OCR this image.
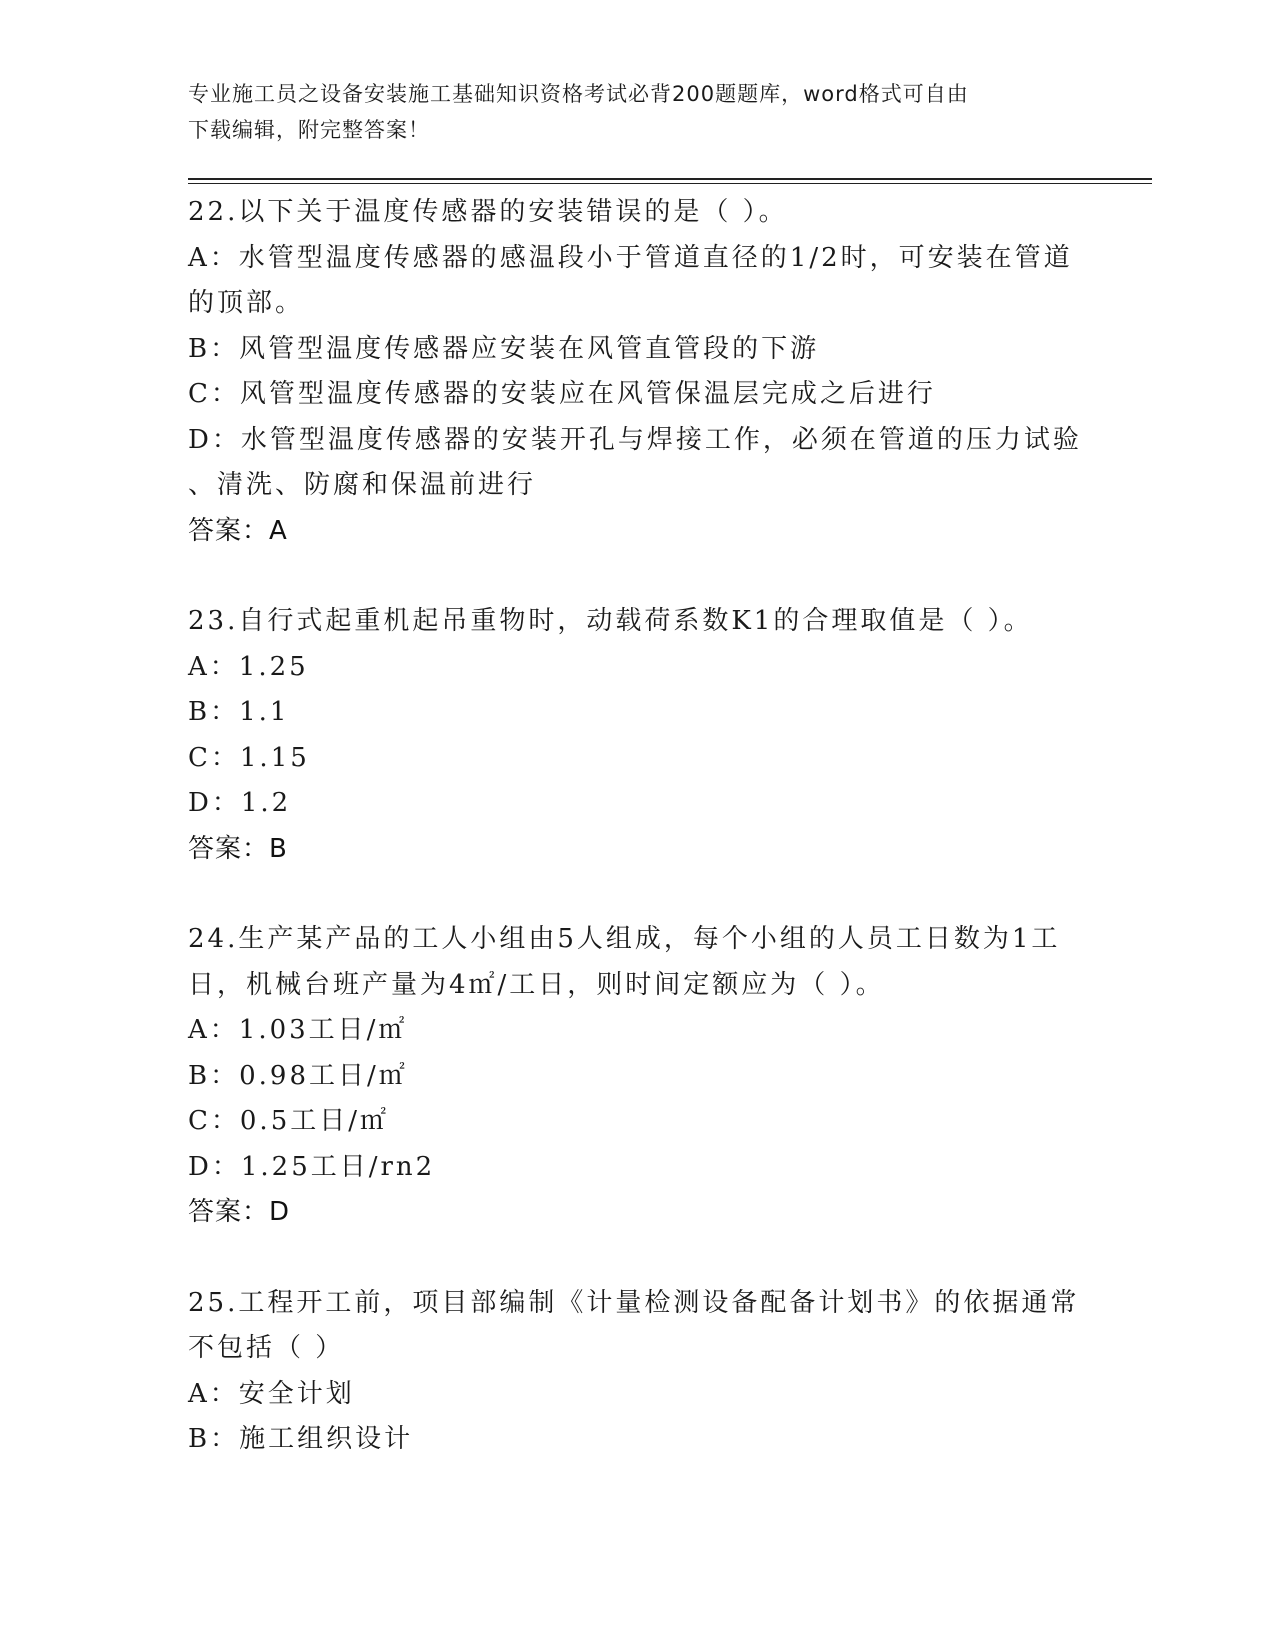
专业施工员之设备安装施工基础知识资格考试必背200题题库，word格式可自由
下载编辑，附完整答案！
22.以下关于温度传感器的安装错误的是（ ）。
A：水管型温度传感器的感温段小于管道直径的1/2时，可安装在管道
的顶部。
B：风管型温度传感器应安装在风管直管段的下游
C：风管型温度传感器的安装应在风管保温层完成之后进行
D：水管型温度传感器的安装开孔与焊接工作，必须在管道的压力试验
、清洗、防腐和保温前进行
答案：A
23.自行式起重机起吊重物时，动载荷系数K1的合理取值是（ ）。
A：1.25
B：1.1
C：1.15
D：1.2
答案：B
24.生产某产品的工人小组由5人组成，每个小组的人员工日数为1工
日，机械台班产量为4㎡/工日，则时间定额应为（ ）。
A：1.03工日/㎡
B：0.98工日/㎡
C：0.5工日/㎡
D：1.25工日/rn2
答案：D
25.工程开工前，项目部编制《计量检测设备配备计划书》的依据通常
不包括（ ）
A：安全计划
B：施工组织设计
